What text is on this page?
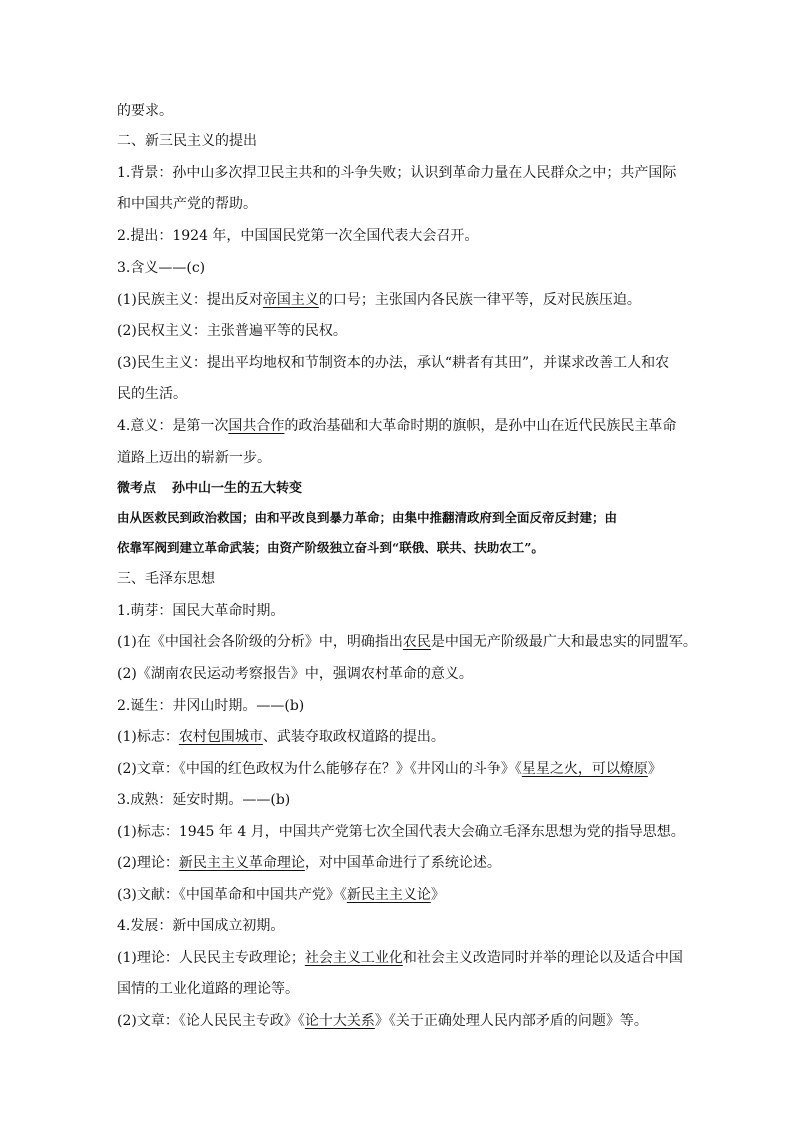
的要求。
二、新三民主义的提出
1.背景：孙中山多次捍卫民主共和的斗争失败；认识到革命力量在人民群众之中；共产国际
和中国共产党的帮助。
2.提出：1924 年，中国国民党第一次全国代表大会召开。
3.含义——(c)
(1)民族主义：提出反对帝国主义的口号；主张国内各民族一律平等，反对民族压迫。
(2)民权主义：主张普遍平等的民权。
(3)民生主义：提出平均地权和节制资本的办法，承认“耕者有其田”，并谋求改善工人和农
民的生活。
4.意义：是第一次国共合作的政治基础和大革命时期的旗帜，是孙中山在近代民族民主革命
道路上迈出的崭新一步。
微考点 孙中山一生的五大转变
由从医救民到政治救国；由和平改良到暴力革命；由集中推翻清政府到全面反帝反封建；由
依靠军阀到建立革命武装；由资产阶级独立奋斗到“联俄、联共、扶助农工”。
三、毛泽东思想
1.萌芽：国民大革命时期。
(1)在《中国社会各阶级的分析》中，明确指出农民是中国无产阶级最广大和最忠实的同盟军。
(2)《湖南农民运动考察报告》中，强调农村革命的意义。
2.诞生：井冈山时期。——(b)
(1)标志：农村包围城市、武装夺取政权道路的提出。
(2)文章：《中国的红色政权为什么能够存在？》《井冈山的斗争》《星星之火，可以燎原》
3.成熟：延安时期。——(b)
(1)标志：1945 年 4 月，中国共产党第七次全国代表大会确立毛泽东思想为党的指导思想。
(2)理论：新民主主义革命理论，对中国革命进行了系统论述。
(3)文献：《中国革命和中国共产党》《新民主主义论》
4.发展：新中国成立初期。
(1)理论：人民民主专政理论；社会主义工业化和社会主义改造同时并举的理论以及适合中国
国情的工业化道路的理论等。
(2)文章：《论人民民主专政》《论十大关系》《关于正确处理人民内部矛盾的问题》等。
